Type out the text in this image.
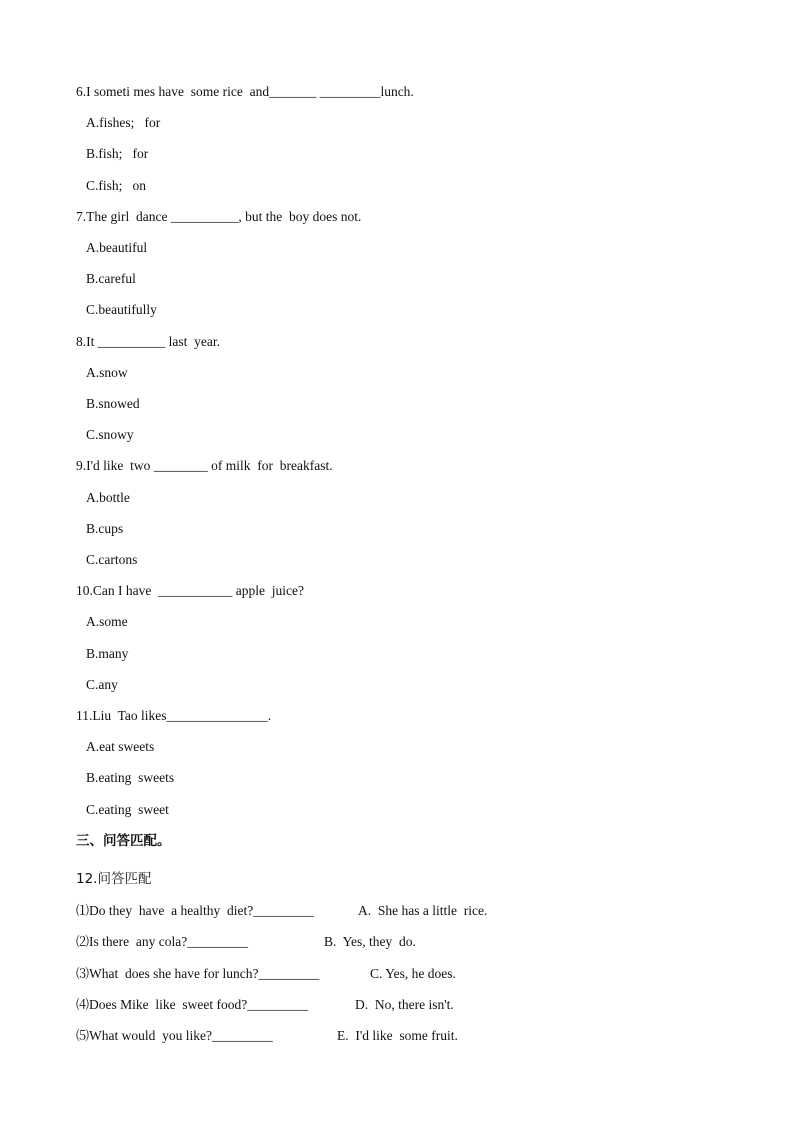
6.I someti mes have  some rice  and_______ _________lunch.
A.fishes;   for
B.fish;   for
C.fish;   on
7.The girl  dance __________, but the  boy does not.
A.beautiful
B.careful
C.beautifully
8.It __________ last  year.
A.snow
B.snowed
C.snowy
9.I'd like  two ________ of milk  for  breakfast.
A.bottle
B.cups
C.cartons
10.Can I have  ___________ apple  juice?
A.some
B.many
C.any
11.Liu  Tao likes_______________.
A.eat sweets
B.eating  sweets
C.eating  sweet
三、问答匹配。
12.问答匹配
⑴Do they  have  a healthy  diet?_________	A.  She has a little  rice.
⑵Is there  any cola?_________	B.  Yes, they  do.
⑶What  does she have for lunch?_________	C. Yes, he does.
⑷Does Mike  like  sweet food?_________	D.  No, there isn't.
⑸What would  you like?_________	E.  I'd like  some fruit.
